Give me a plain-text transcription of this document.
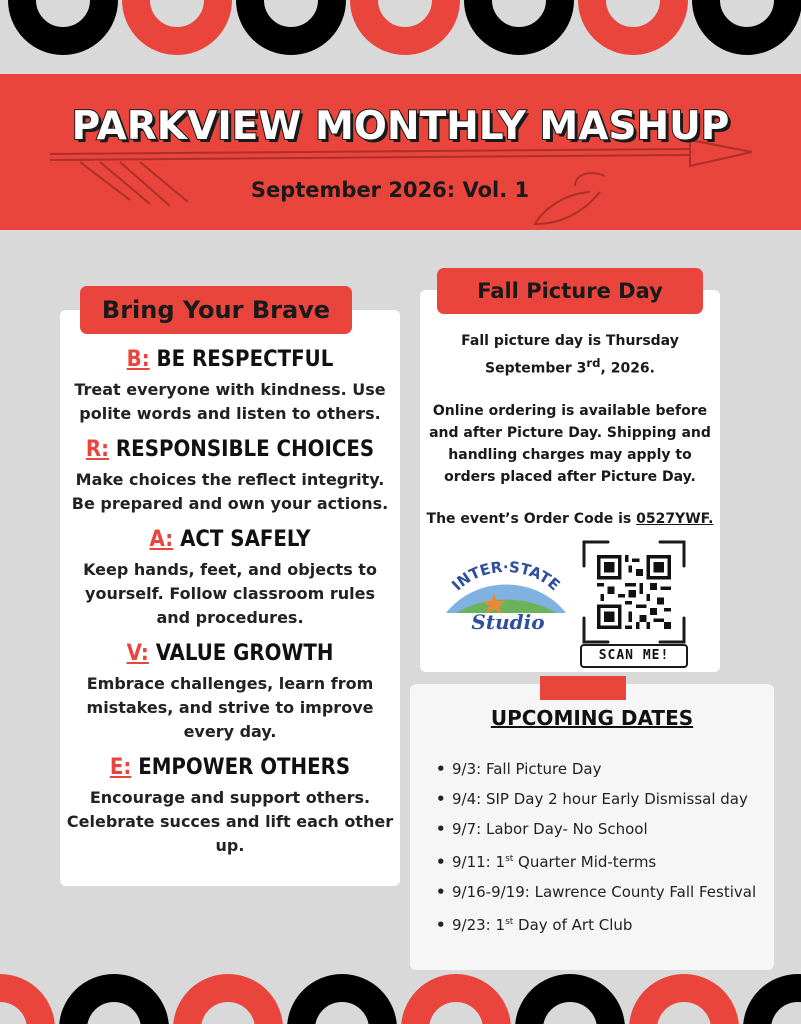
PARKVIEW MONTHLY MASHUP
September 2026: Vol. 1
Bring Your Brave
B: BE RESPECTFUL
Treat everyone with kindness. Use polite words and listen to others.
R: RESPONSIBLE CHOICES
Make choices the reflect integrity. Be prepared and own your actions.
A: ACT SAFELY
Keep hands, feet, and objects to yourself. Follow classroom rules and procedures.
V: VALUE GROWTH
Embrace challenges, learn from mistakes, and strive to improve every day.
E: EMPOWER OTHERS
Encourage and support others. Celebrate succes and lift each other up.
Fall Picture Day

Fall picture day is Thursday
September 3rd, 2026.

Online ordering is available before and after Picture Day. Shipping and handling charges may apply to orders placed after Picture Day.

The event’s Order Code is 0527YWF.

INTER·STATE
Studio
SCAN ME!
UPCOMING DATES
• 9/3: Fall Picture Day
• 9/4: SIP Day 2 hour Early Dismissal day
• 9/7: Labor Day- No School
• 9/11: 1st Quarter Mid-terms
• 9/16-9/19: Lawrence County Fall Festival
• 9/23: 1st Day of Art Club
